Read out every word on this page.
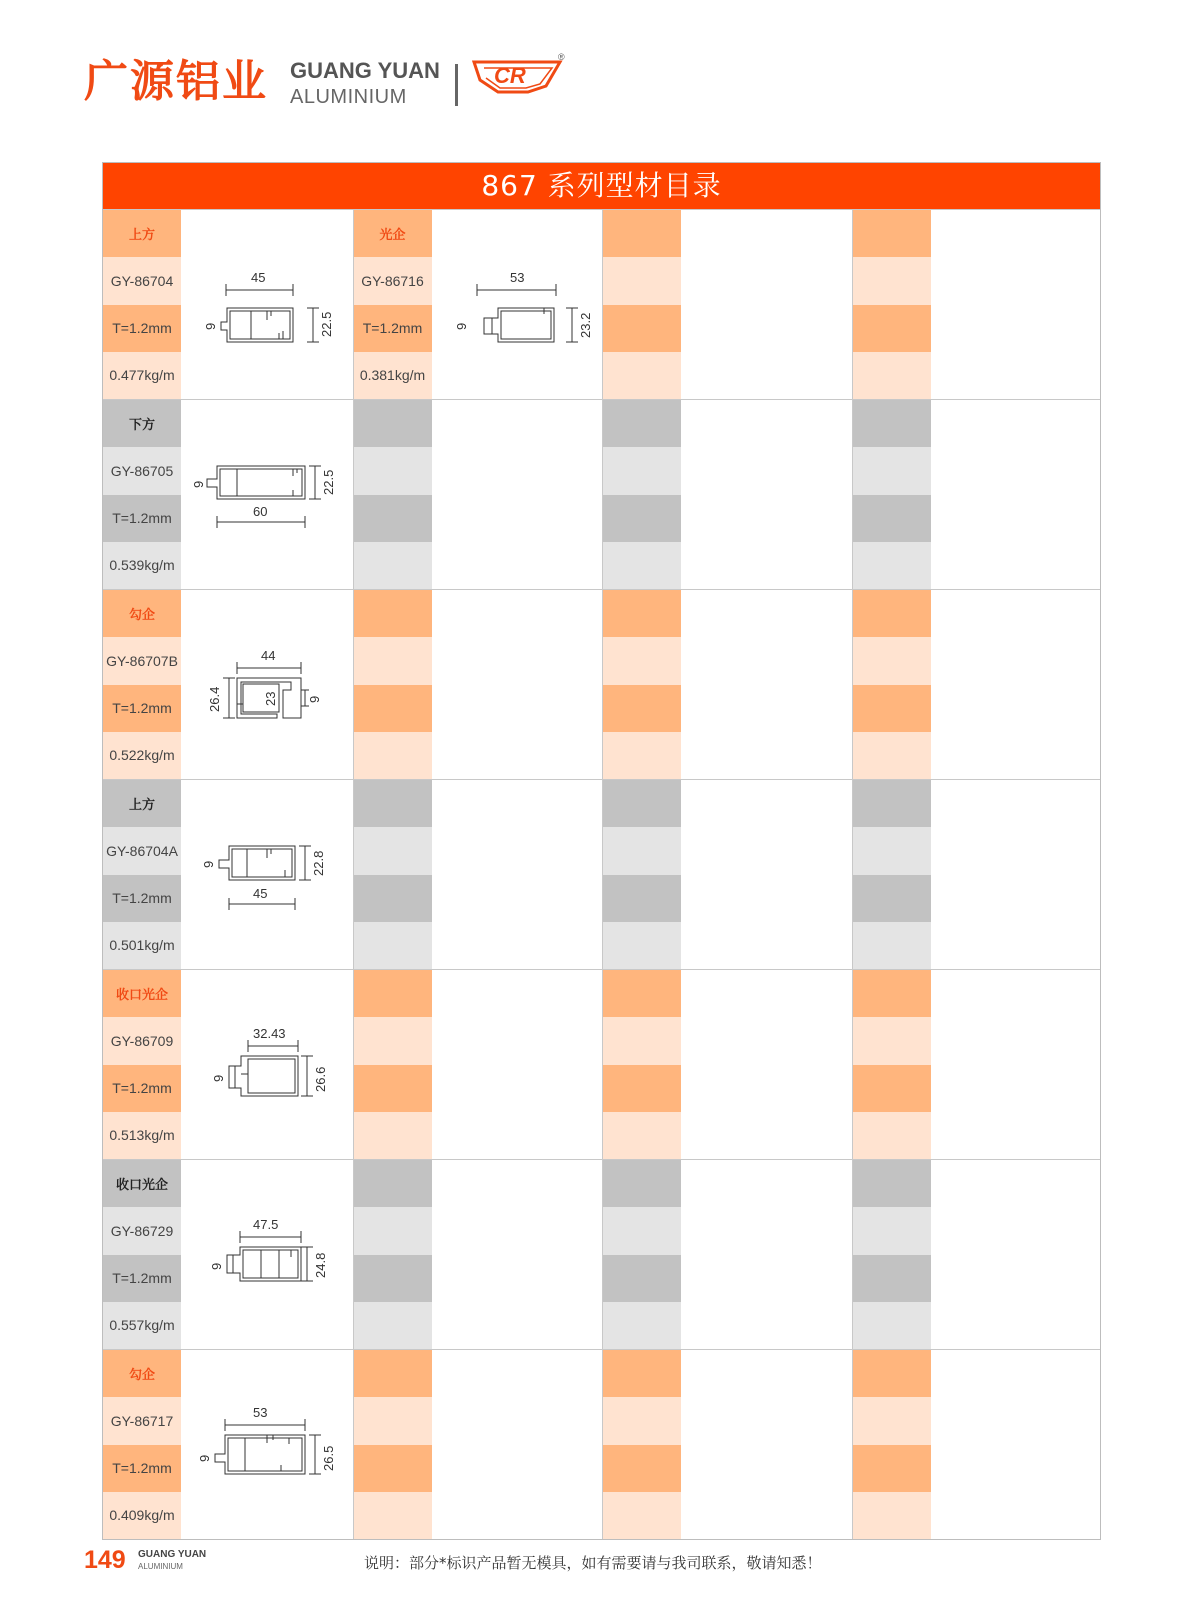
广源铝业 GUANG YUAN
ALUMINIUM
CR
®
867 系列型材目录
上方
GY-86704
T=1.2mm
0.477kg/m
45
22.5
9
光企
GY-86716
T=1.2mm
0.381kg/m
53
23.2
9
下方
GY-86705
T=1.2mm
0.539kg/m
60
22.5
9
勾企
GY-86707B
T=1.2mm
0.522kg/m
44
26.4	23 9
上方
GY-86704A
T=1.2mm
0.501kg/m
45
22.8
9
收口光企
GY-86709
T=1.2mm
0.513kg/m
32.43
26.6
9
收口光企
GY-86729
T=1.2mm
0.557kg/m
47.5
24.8
9
勾企
GY-86717
T=1.2mm
0.409kg/m
53
26.5
9
149 GUANG YUAN
ALUMINIUM	说明：部分*标识产品暂无模具，如有需要请与我司联系，敬请知悉！
